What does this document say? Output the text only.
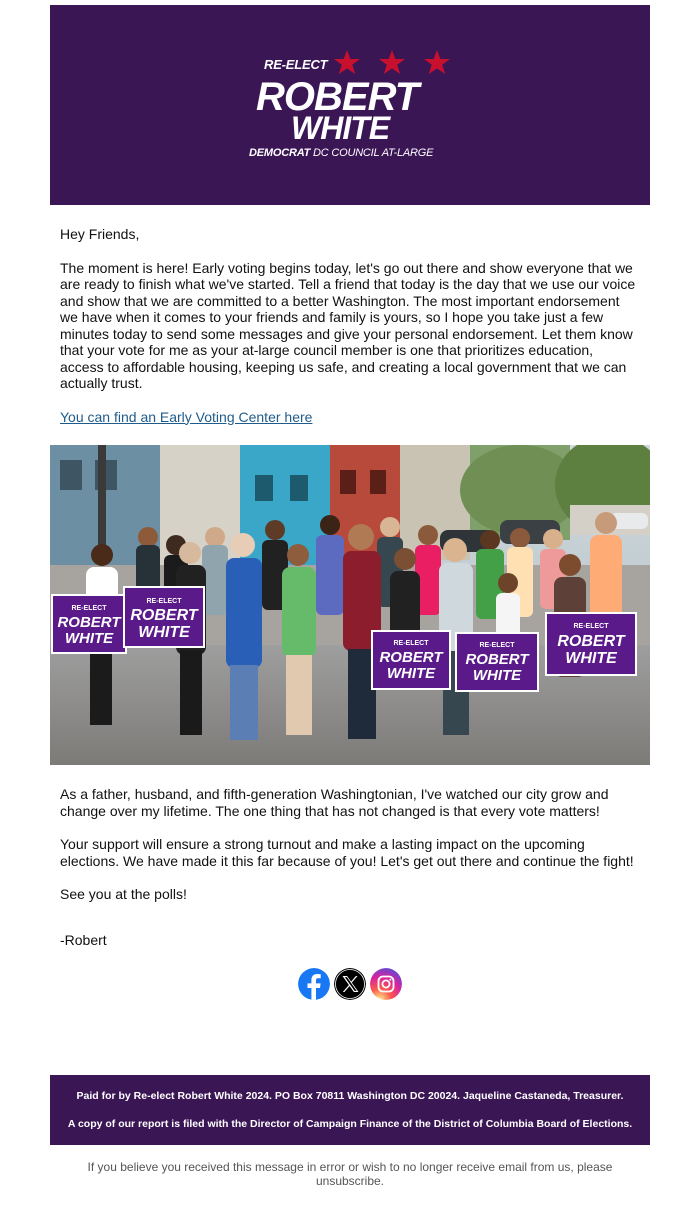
RE-ELECT
ROBERT
WHITE
DEMOCRAT DC COUNCIL AT-LARGE

Hey Friends,

The moment is here! Early voting begins today, let's go out there and show everyone that we are ready to finish what we've started. Tell a friend that today is the day that we use our voice and show that we are committed to a better Washington. The most important endorsement we have when it comes to your friends and family is yours, so I hope you take just a few minutes today to send some messages and give your personal endorsement. Let them know that your vote for me as your at-large council member is one that prioritizes education, access to affordable housing, keeping us safe, and creating a local government that we can actually trust.

You can find an Early Voting Center here

RE-ELECT
ROBERT
WHITE
RE-ELECT
ROBERT
WHITE
RE-ELECT
ROBERT
WHITE
RE-ELECT
ROBERT
WHITE
RE-ELECT
ROBERT
WHITE

As a father, husband, and fifth-generation Washingtonian, I've watched our city grow and change over my lifetime. The one thing that has not changed is that every vote matters!

Your support will ensure a strong turnout and make a lasting impact on the upcoming elections. We have made it this far because of you! Let's get out there and continue the fight!

See you at the polls!

-Robert

Paid for by Re-elect Robert White 2024. PO Box 70811 Washington DC 20024. Jaqueline Castaneda, Treasurer.

A copy of our report is filed with the Director of Campaign Finance of the District of Columbia Board of Elections.

If you believe you received this message in error or wish to no longer receive email from us, please unsubscribe.
